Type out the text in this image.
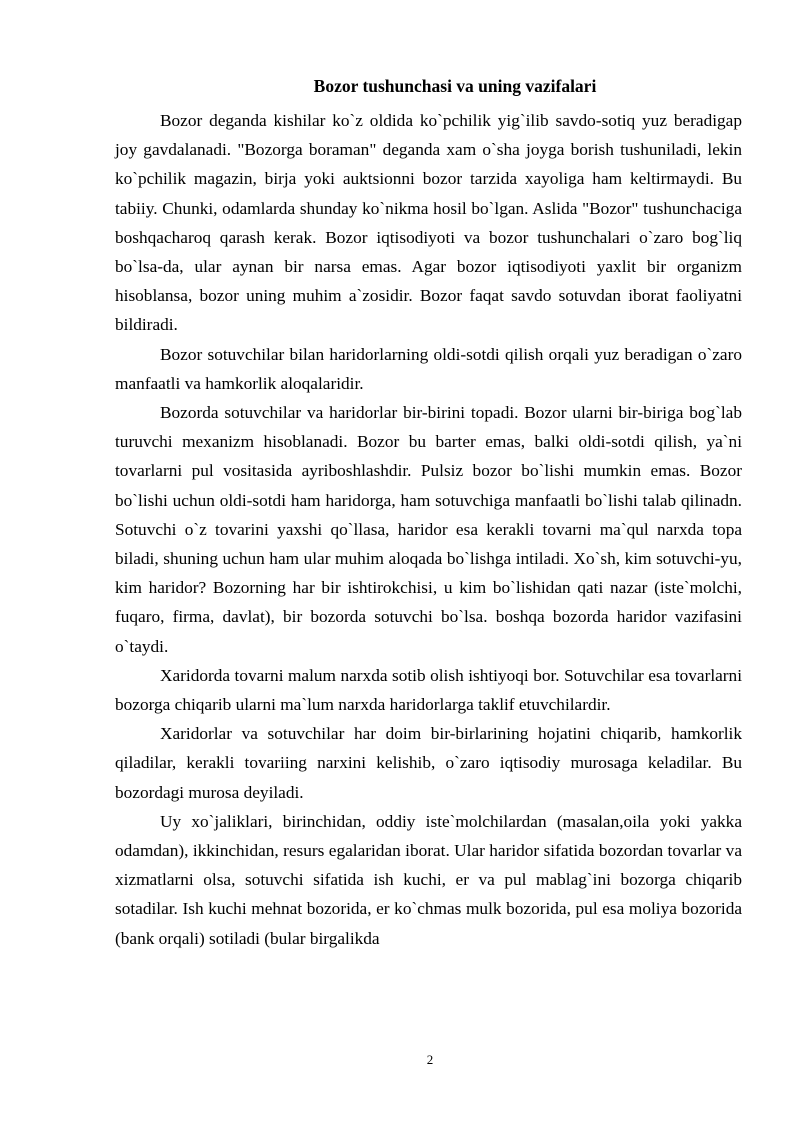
Bozor tushunchasi va uning vazifalari

Bozor deganda kishilar ko`z oldida ko`pchilik yig`ilib savdo-sotiq yuz beradigap joy gavdalanadi. "Bozorga boraman" deganda xam o`sha joyga borish tushuniladi, lekin ko`pchilik magazin, birja yoki auktsionni bozor tarzida xayoliga ham keltirmaydi. Bu tabiiy. Chunki, odamlarda shunday ko`nikma hosil bo`lgan. Aslida "Bozor" tushunchaciga boshqacharoq qarash kerak. Bozor iqtisodiyoti va bozor tushunchalari o`zaro bog`liq bo`lsa-da, ular aynan bir narsa emas. Agar bozor iqtisodiyoti yaxlit bir organizm hisoblansa, bozor uning muhim a`zosidir. Bozor faqat savdo sotuvdan iborat faoliyatni bildiradi.

Bozor sotuvchilar bilan haridorlarning oldi-sotdi qilish orqali yuz beradigan o`zaro manfaatli va hamkorlik aloqalaridir.

Bozorda sotuvchilar va haridorlar bir-birini topadi. Bozor ularni bir-biriga bog`lab turuvchi mexanizm hisoblanadi. Bozor bu barter emas, balki oldi-sotdi qilish, ya`ni tovarlarni pul vositasida ayriboshlashdir. Pulsiz bozor bo`lishi mumkin emas. Bozor bo`lishi uchun oldi-sotdi ham haridorga, ham sotuvchiga manfaatli bo`lishi talab qilinadn. Sotuvchi o`z tovarini yaxshi qo`llasa, haridor esa kerakli tovarni ma`qul narxda topa biladi, shuning uchun ham ular muhim aloqada bo`lishga intiladi. Xo`sh, kim sotuvchi-yu, kim haridor? Bozorning har bir ishtirokchisi, u kim bo`lishidan qati nazar (iste`molchi, fuqaro, firma, davlat), bir bozorda sotuvchi bo`lsa. boshqa bozorda haridor vazifasini o`taydi.

Xaridorda tovarni malum narxda sotib olish ishtiyoqi bor. Sotuvchilar esa tovarlarni bozorga chiqarib ularni ma`lum narxda haridorlarga taklif etuvchilardir.

Xaridorlar va sotuvchilar har doim bir-birlarining hojatini chiqarib, hamkorlik qiladilar, kerakli tovariing narxini kelishib, o`zaro iqtisodiy murosaga keladilar. Bu bozordagi murosa deyiladi.

Uy xo`jaliklari, birinchidan, oddiy iste`molchilardan (masalan,oila yoki yakka odamdan), ikkinchidan, resurs egalaridan iborat. Ular haridor sifatida bozordan tovarlar va xizmatlarni olsa, sotuvchi sifatida ish kuchi, er va pul mablag`ini bozorga chiqarib sotadilar. Ish kuchi mehnat bozorida, er ko`chmas mulk bozorida, pul esa moliya bozorida (bank orqali) sotiladi (bular birgalikda

2
